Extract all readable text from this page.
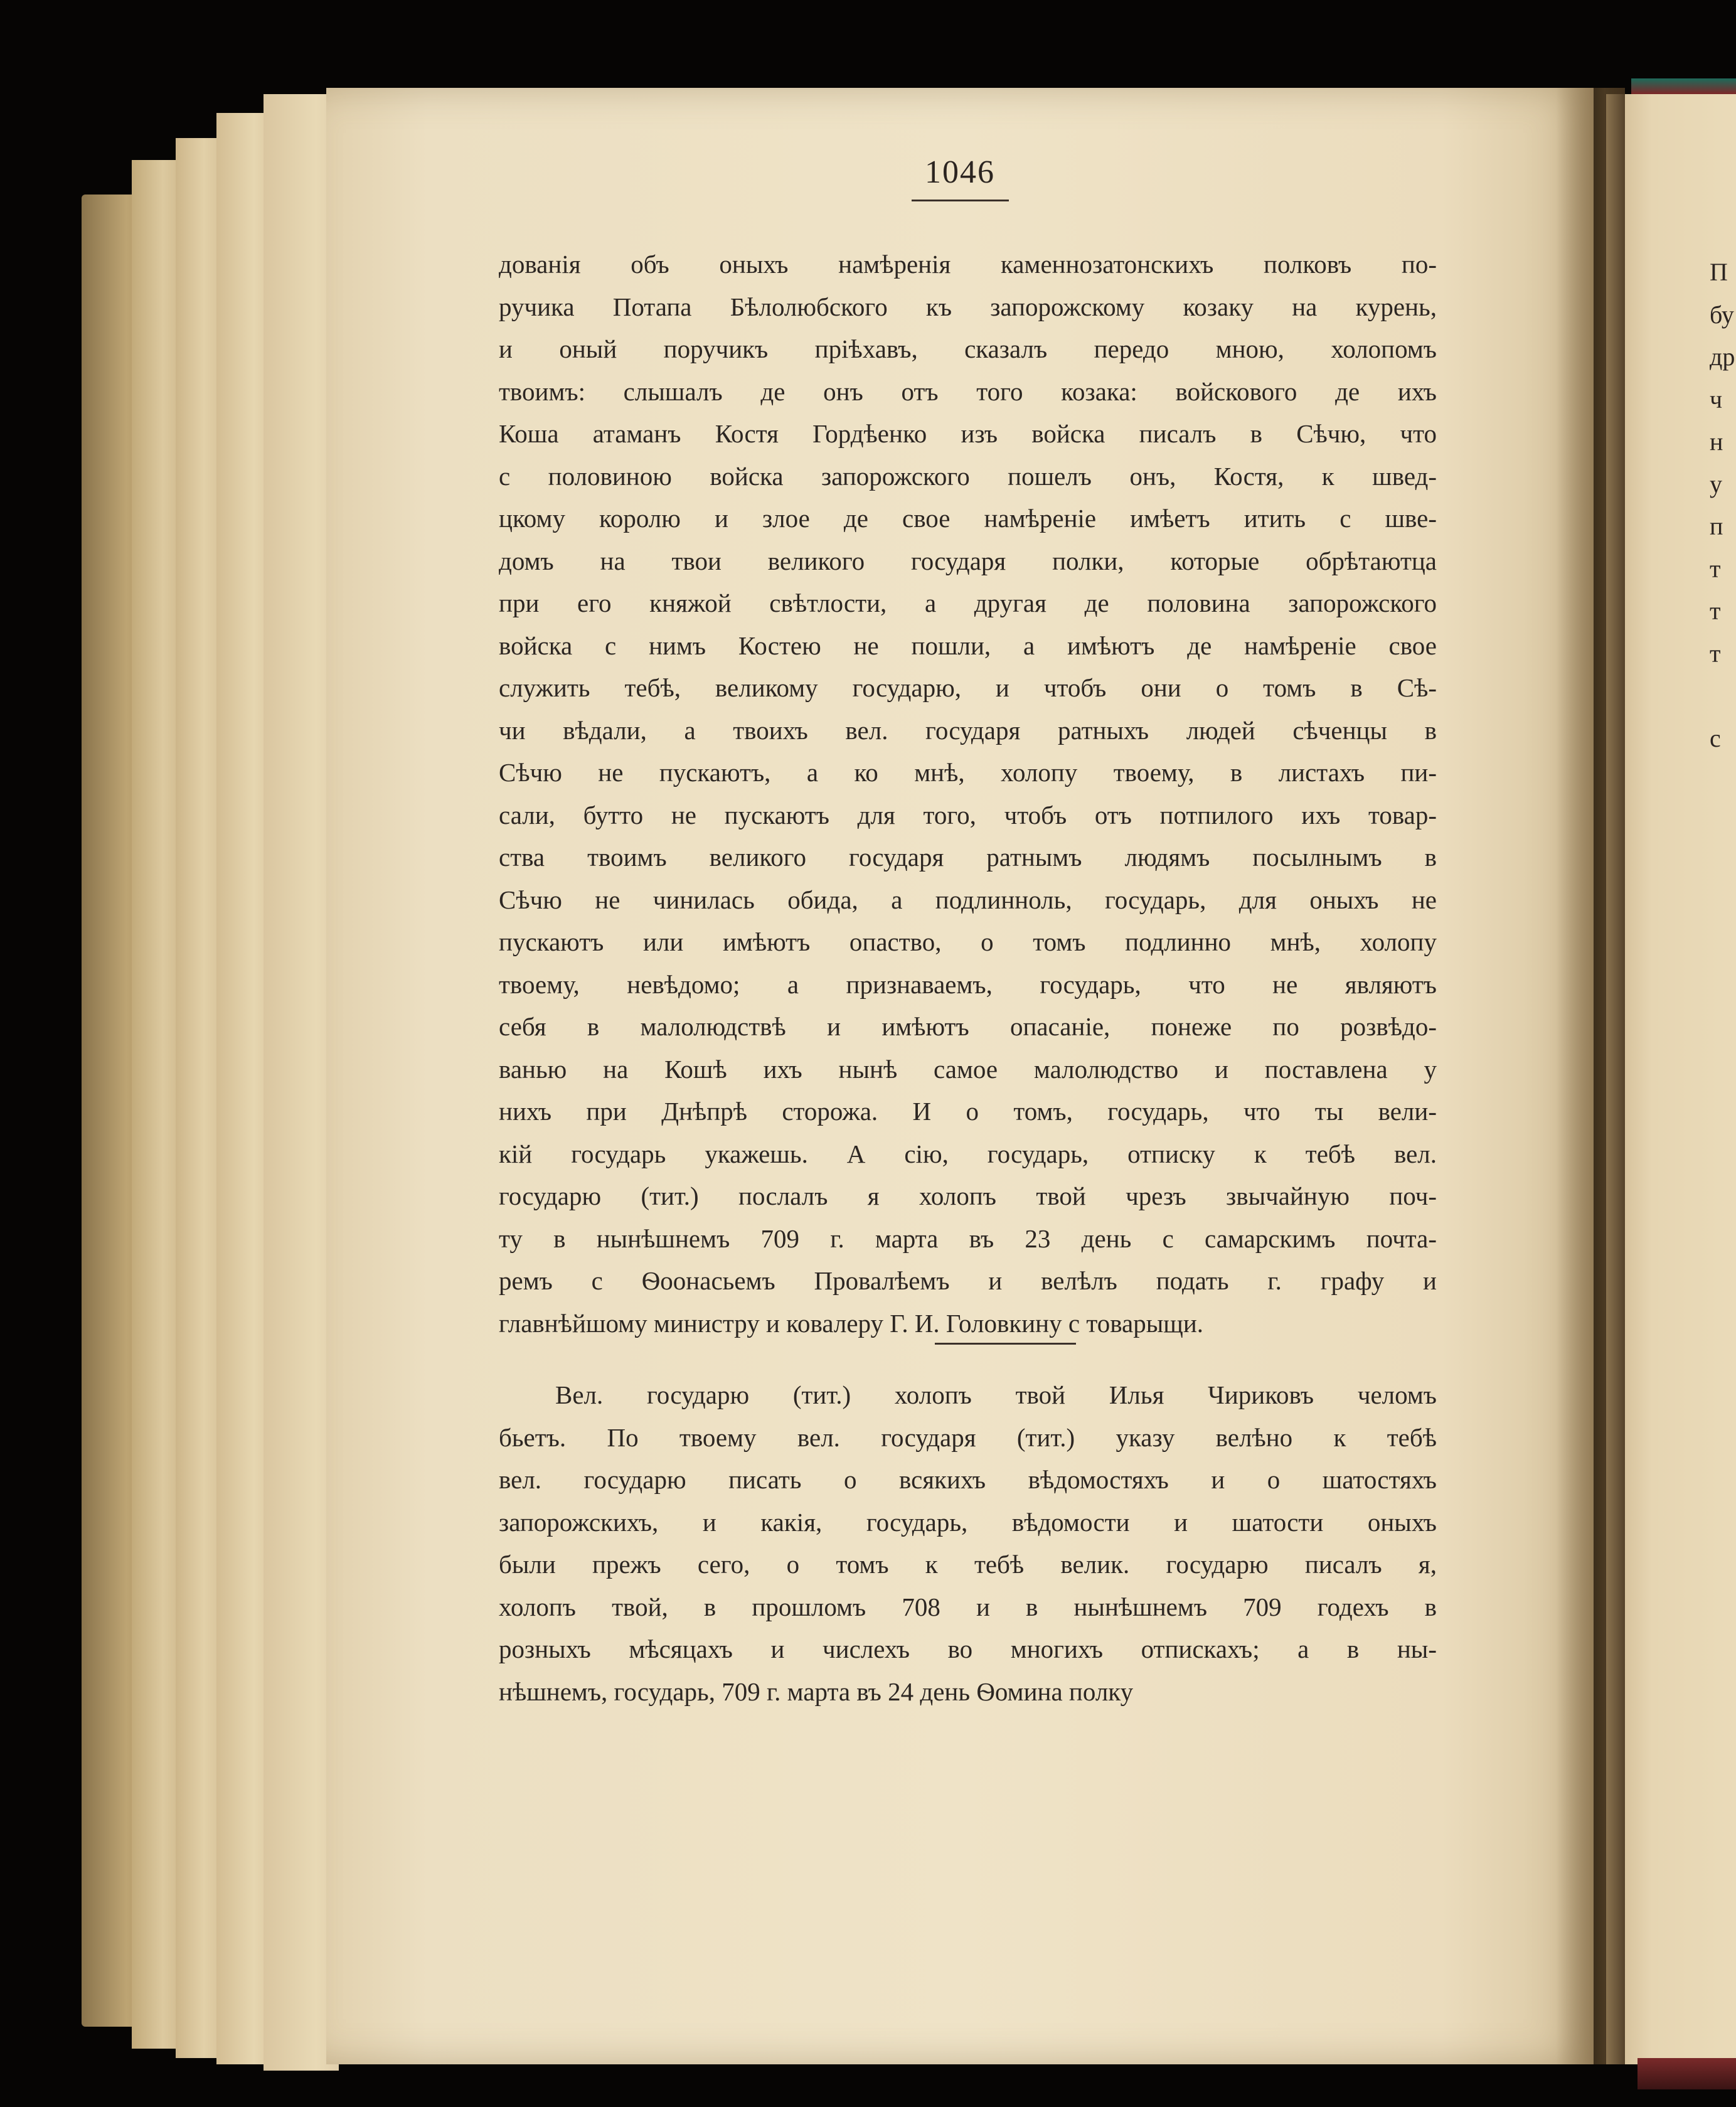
П
бу
др
ч
н
у
п
т
т
т
с
1046
дованія объ оныхъ намѣренія каменнозатонскихъ полковъ по-
ручика Потапа Бѣлолюбского къ запорожскому козаку на курень,
и оный поручикъ пріѣхавъ, сказалъ передо мною, холопомъ
твоимъ: слышалъ де онъ отъ того козака: войскового де ихъ
Коша атаманъ Костя Гордѣенко изъ войска писалъ в Сѣчю, что
с половиною войска запорожского пошелъ онъ, Костя, к швед-
цкому королю и злое де свое намѣреніе имѣетъ итить с шве-
домъ на твои великого государя полки, которые обрѣтаютца
при его княжой свѣтлости, а другая де половина запорожского
войска с нимъ Костею не пошли, а имѣютъ де намѣреніе свое
служить тебѣ, великому государю, и чтобъ они о томъ в Сѣ-
чи вѣдали, а твоихъ вел. государя ратныхъ людей сѣченцы в
Сѣчю не пускаютъ, а ко мнѣ, холопу твоему, в листахъ пи-
сали, бутто не пускаютъ для того, чтобъ отъ потпилого ихъ товар-
ства твоимъ великого государя ратнымъ людямъ посылнымъ в
Сѣчю не чинилась обида, а подлинноль, государь, для оныхъ не
пускаютъ или имѣютъ опаство, о томъ подлинно мнѣ, холопу
твоему, невѣдомо; а признаваемъ, государь, что не являютъ
себя в малолюдствѣ и имѣютъ опасаніе, понеже по розвѣдо-
ванью на Кошѣ ихъ нынѣ самое малолюдство и поставлена у
нихъ при Днѣпрѣ сторожа. И о томъ, государь, что ты вели-
кій государь укажешь. А сію, государь, отписку к тебѣ вел.
государю (тит.) послалъ я холопъ твой чрезъ звычайную поч-
ту в нынѣшнемъ 709 г. марта въ 23 день с самарскимъ почта-
ремъ с Ѳоонасьемъ Провалѣемъ и велѣлъ подать г. графу и
главнѣйшому министру и ковалеру Г. И. Головкину с товарыщи.
Вел. государю (тит.) холопъ твой Илья Чириковъ челомъ
бьетъ. По твоему вел. государя (тит.) указу велѣно к тебѣ
вел. государю писать о всякихъ вѣдомостяхъ и о шатостяхъ
запорожскихъ, и какія, государь, вѣдомости и шатости оныхъ
были прежъ сего, о томъ к тебѣ велик. государю писалъ я,
холопъ твой, в прошломъ 708 и в нынѣшнемъ 709 годехъ в
розныхъ мѣсяцахъ и числехъ во многихъ отпискахъ; а в ны-
нѣшнемъ, государь, 709 г. марта въ 24 день Ѳомина полку
